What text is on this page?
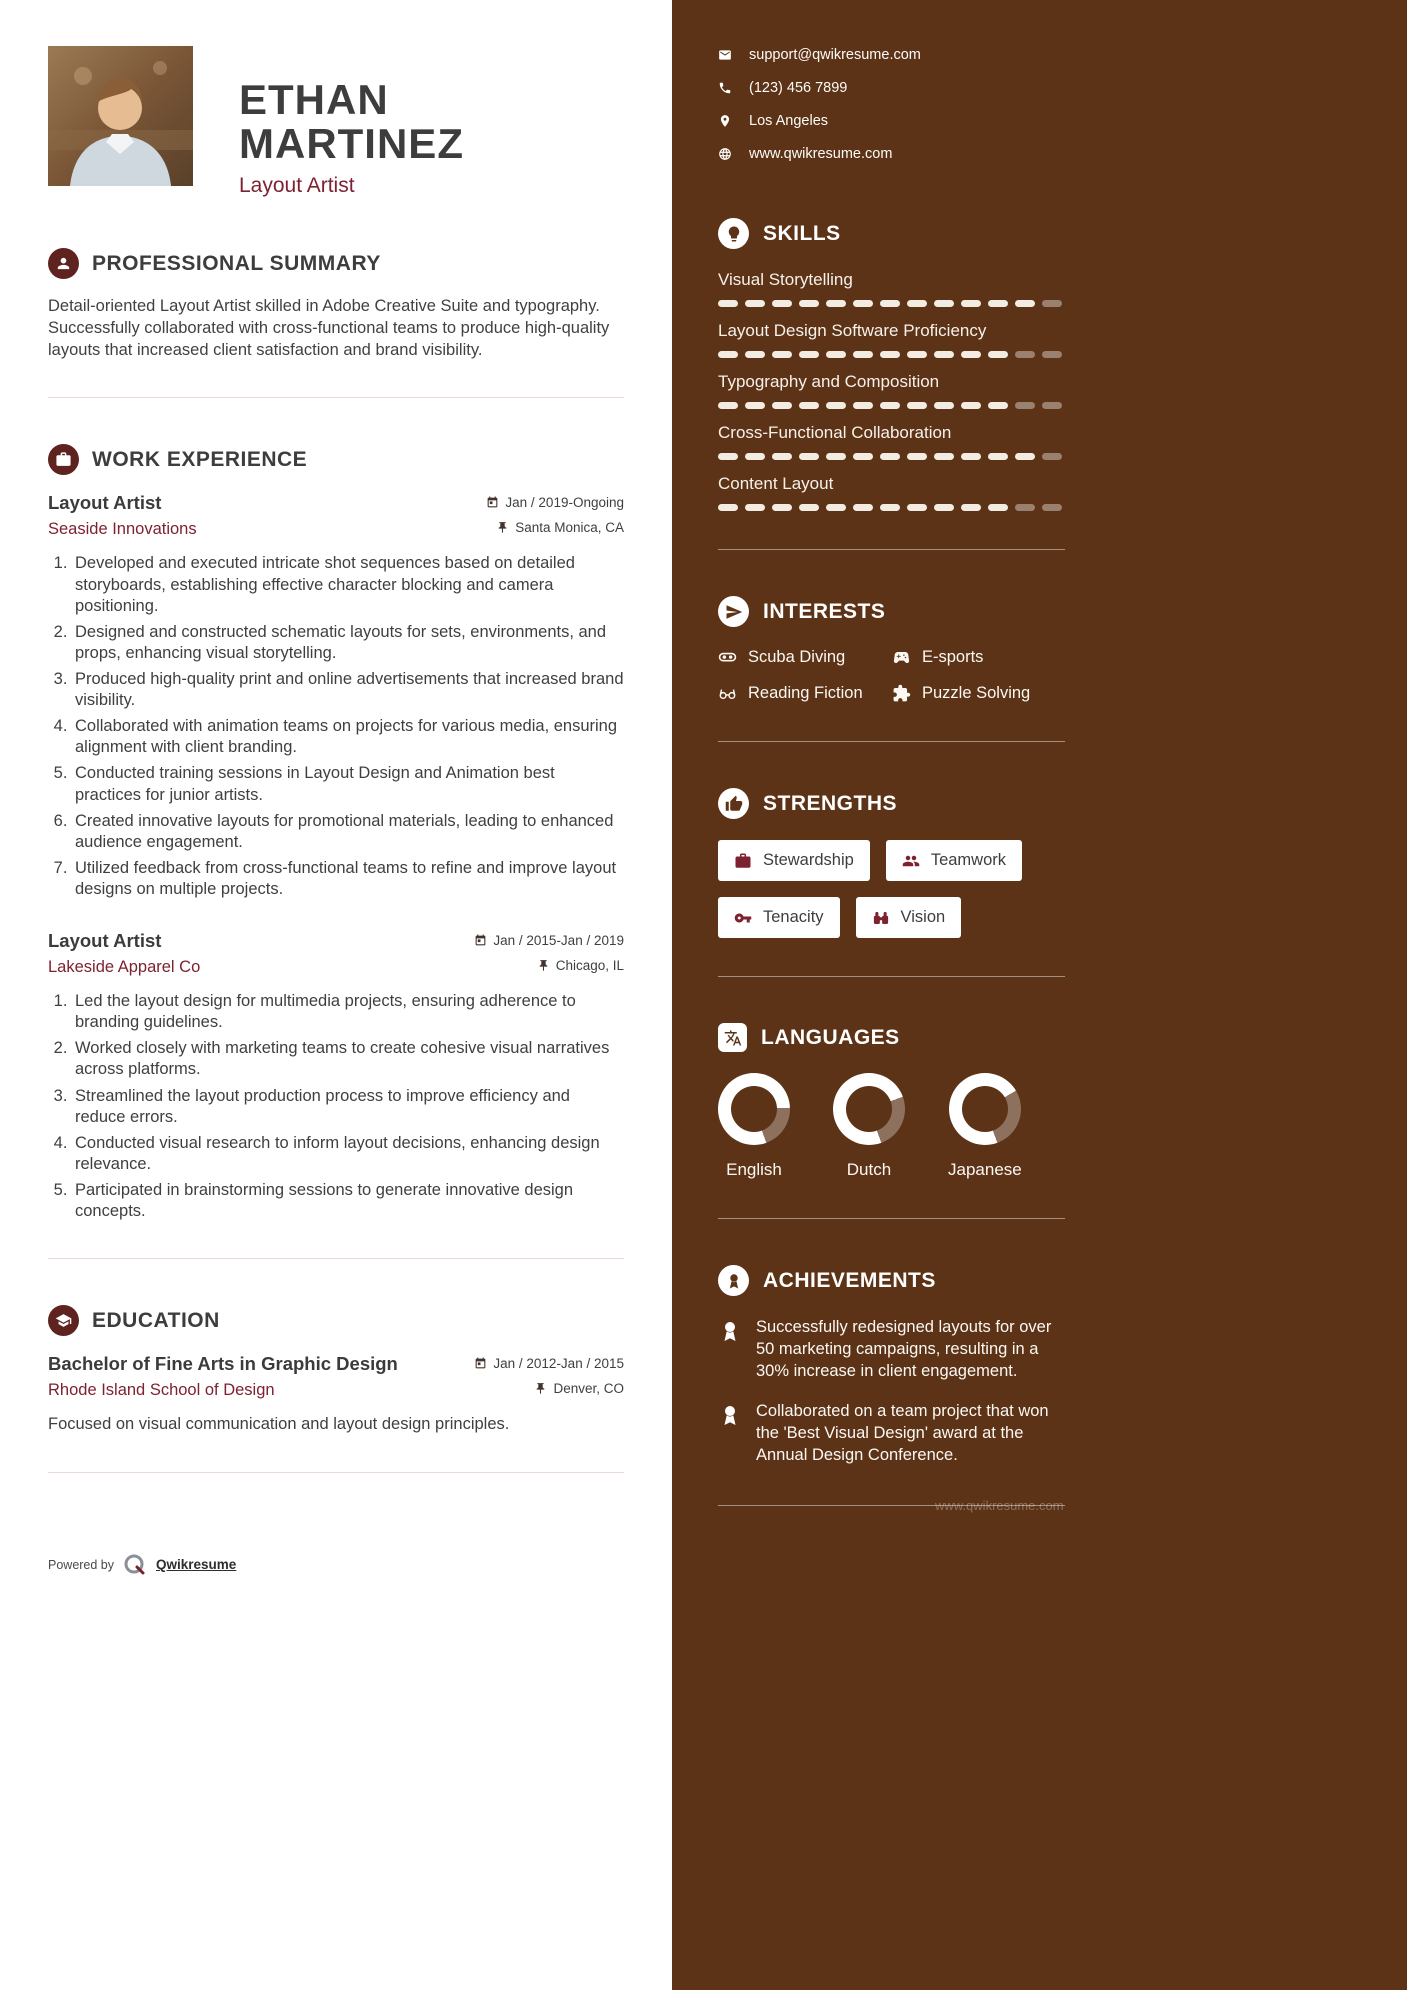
ETHAN MARTINEZ
Layout Artist
PROFESSIONAL SUMMARY

Detail-oriented Layout Artist skilled in Adobe Creative Suite and typography. Successfully collaborated with cross-functional teams to produce high-quality layouts that increased client satisfaction and brand visibility.

WORK EXPERIENCE
Layout Artist	Jan / 2019-Ongoing
Seaside Innovations	Santa Monica, CA
1. Developed and executed intricate shot sequences based on detailed storyboards, establishing effective character blocking and camera positioning.
2. Designed and constructed schematic layouts for sets, environments, and props, enhancing visual storytelling.
3. Produced high-quality print and online advertisements that increased brand visibility.
4. Collaborated with animation teams on projects for various media, ensuring alignment with client branding.
5. Conducted training sessions in Layout Design and Animation best practices for junior artists.
6. Created innovative layouts for promotional materials, leading to enhanced audience engagement.
7. Utilized feedback from cross-functional teams to refine and improve layout designs on multiple projects.
Layout Artist	Jan / 2015-Jan / 2019
Lakeside Apparel Co	Chicago, IL
1. Led the layout design for multimedia projects, ensuring adherence to branding guidelines.
2. Worked closely with marketing teams to create cohesive visual narratives across platforms.
3. Streamlined the layout production process to improve efficiency and reduce errors.
4. Conducted visual research to inform layout decisions, enhancing design relevance.
5. Participated in brainstorming sessions to generate innovative design concepts.
EDUCATION
Bachelor of Fine Arts in Graphic Design	Jan / 2012-Jan / 2015
Rhode Island School of Design	Denver, CO

Focused on visual communication and layout design principles.

Powered by	Qwikresume
support@qwikresume.com
(123) 456 7899
Los Angeles
www.qwikresume.com
SKILLS
Visual Storytelling
Layout Design Software Proficiency
Typography and Composition
Cross-Functional Collaboration
Content Layout
INTERESTS
Scuba Diving	E-sports
Reading Fiction	Puzzle Solving
STRENGTHS
Stewardship	Teamwork
Tenacity	Vision
LANGUAGES
English	Dutch	Japanese
ACHIEVEMENTS

Successfully redesigned layouts for over 50 marketing campaigns, resulting in a 30% increase in client engagement.

Collaborated on a team project that won the 'Best Visual Design' award at the Annual Design Conference.

www.qwikresume.com
